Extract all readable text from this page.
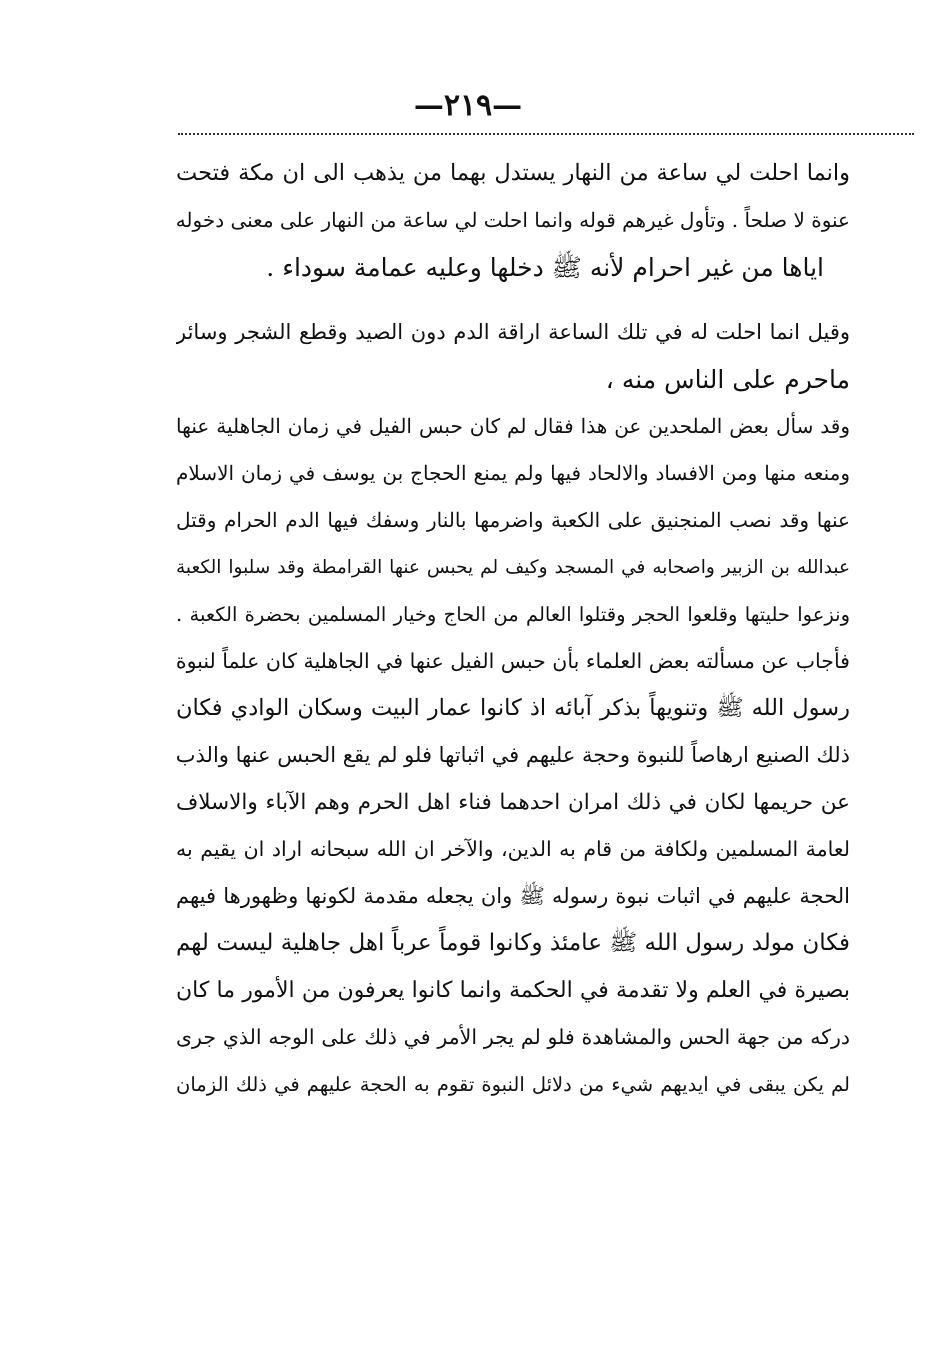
—٢١٩—
وانما احلت لي ساعة من النهار يستدل بهما من يذهب الى ان مكة فتحت
عنوة لا صلحاً . وتأول غيرهم قوله وانما احلت لي ساعة من النهار على معنى دخوله
اياها من غير احرام لأنه ﷺ دخلها وعليه عمامة سوداء .
وقيل انما احلت له في تلك الساعة اراقة الدم دون الصيد وقطع الشجر وسائر
ماحرم على الناس منه ،
وقد سأل بعض الملحدين عن هذا فقال لم كان حبس الفيل في زمان الجاهلية عنها
ومنعه منها ومن الافساد والالحاد فيها ولم يمنع الحجاج بن يوسف في زمان الاسلام
عنها وقد نصب المنجنيق على الكعبة واضرمها بالنار وسفك فيها الدم الحرام وقتل
عبدالله بن الزبير واصحابه في المسجد وكيف لم يحبس عنها القرامطة وقد سلبوا الكعبة
ونزعوا حليتها وقلعوا الحجر وقتلوا العالم من الحاج وخيار المسلمين بحضرة الكعبة .
فأجاب عن مسألته بعض العلماء بأن حبس الفيل عنها في الجاهلية كان علماً لنبوة
رسول الله ﷺ وتنويهاً بذكر آبائه اذ كانوا عمار البيت وسكان الوادي فكان
ذلك الصنيع ارهاصاً للنبوة وحجة عليهم في اثباتها فلو لم يقع الحبس عنها والذب
عن حريمها لكان في ذلك امران احدهما فناء اهل الحرم وهم الآباء والاسلاف
لعامة المسلمين ولكافة من قام به الدين، والآخر ان الله سبحانه اراد ان يقيم به
الحجة عليهم في اثبات نبوة رسوله ﷺ وان يجعله مقدمة لكونها وظهورها فيهم
فكان مولد رسول الله ﷺ عامئذ وكانوا قوماً عرباً اهل جاهلية ليست لهم
بصيرة في العلم ولا تقدمة في الحكمة وانما كانوا يعرفون من الأمور ما كان
دركه من جهة الحس والمشاهدة فلو لم يجر الأمر في ذلك على الوجه الذي جرى
لم يكن يبقى في ايديهم شيء من دلائل النبوة تقوم به الحجة عليهم في ذلك الزمان
